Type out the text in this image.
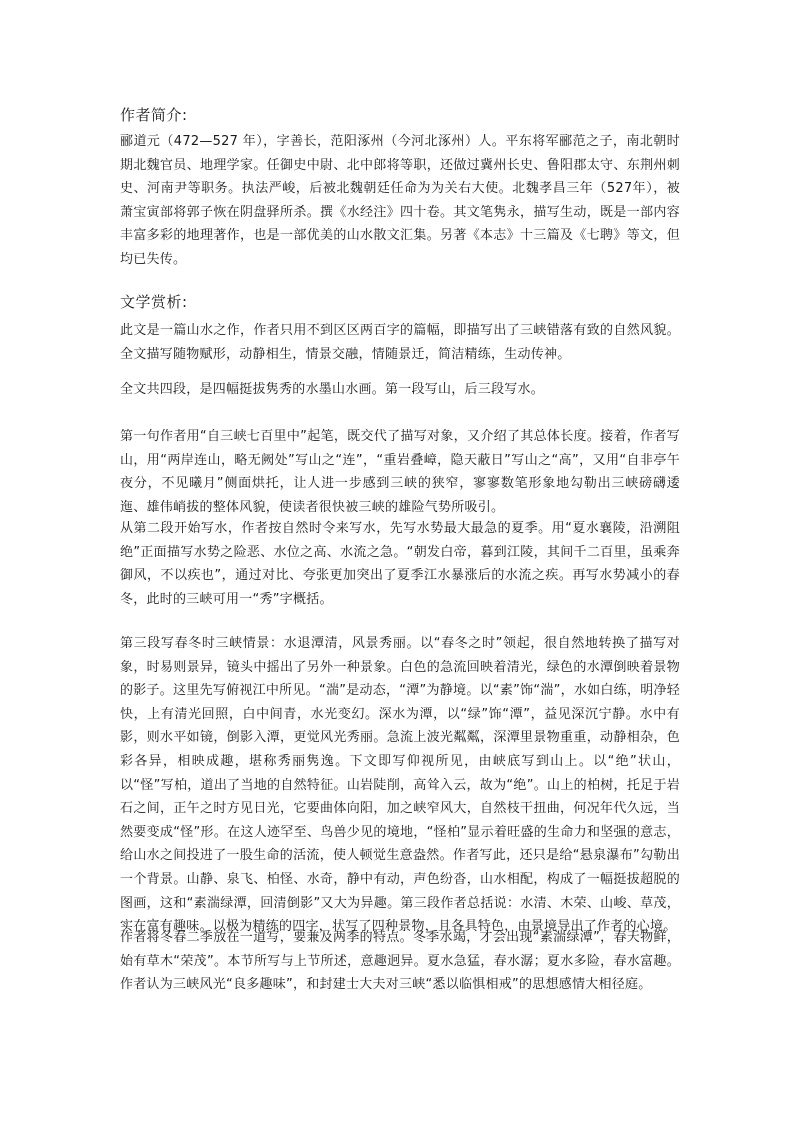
作者简介:

郦道元（472—527 年），字善长，范阳涿州（今河北涿州）人。平东将军郦范之子，南北朝时期北魏官员、地理学家。任御史中尉、北中郎将等职，还做过冀州长史、鲁阳郡太守、东荆州刺史、河南尹等职务。执法严峻，后被北魏朝廷任命为为关右大使。北魏孝昌三年（527年），被萧宝寅部将郭子恢在阴盘驿所杀。撰《水经注》四十卷。其文笔隽永，描写生动，既是一部内容丰富多彩的地理著作，也是一部优美的山水散文汇集。另著《本志》十三篇及《七聘》等文，但均已失传。

文学赏析:

此文是一篇山水之作，作者只用不到区区两百字的篇幅，即描写出了三峡错落有致的自然风貌。全文描写随物赋形，动静相生，情景交融，情随景迁，简洁精练，生动传神。

全文共四段，是四幅挺拔隽秀的水墨山水画。第一段写山，后三段写水。

第一句作者用“自三峡七百里中”起笔，既交代了描写对象，又介绍了其总体长度。接着，作者写山，用“两岸连山，略无阙处”写山之“连”，“重岩叠嶂，隐天蔽日”写山之“高”，又用“自非亭午夜分，不见曦月”侧面烘托，让人进一步感到三峡的狭窄，寥寥数笔形象地勾勒出三峡磅礴逶迤、雄伟峭拔的整体风貌，使读者很快被三峡的雄险气势所吸引。

从第二段开始写水，作者按自然时令来写水，先写水势最大最急的夏季。用“夏水襄陵，沿溯阻绝”正面描写水势之险恶、水位之高、水流之急。“朝发白帝，暮到江陵，其间千二百里，虽乘奔御风，不以疾也”，通过对比、夸张更加突出了夏季江水暴涨后的水流之疾。再写水势减小的春冬，此时的三峡可用一“秀”字概括。

第三段写春冬时三峡情景：水退潭清，风景秀丽。以“春冬之时”领起，很自然地转换了描写对象，时易则景异，镜头中摇出了另外一种景象。白色的急流回映着清光，绿色的水潭倒映着景物的影子。这里先写俯视江中所见。“湍”是动态，“潭”为静境。以“素”饰“湍”，水如白练，明净轻快，上有清光回照，白中间青，水光变幻。深水为潭，以“绿”饰“潭”，益见深沉宁静。水中有影，则水平如镜，倒影入潭，更觉风光秀丽。急流上波光粼粼，深潭里景物重重，动静相杂，色彩各异，相映成趣，堪称秀丽隽逸。下文即写仰视所见，由峡底写到山上。以“绝”状山，以“怪”写柏，道出了当地的自然特征。山岩陡削，高耸入云，故为“绝”。山上的柏树，托足于岩石之间，正午之时方见日光，它要曲体向阳，加之峡窄风大，自然枝干扭曲，何况年代久远，当然要变成“怪”形。在这人迹罕至、鸟兽少见的境地，“怪柏”显示着旺盛的生命力和坚强的意志，给山水之间投进了一股生命的活流，使人顿觉生意盎然。作者写此，还只是给“悬泉瀑布”勾勒出一个背景。山静、泉飞、柏怪、水奇，静中有动，声色纷沓，山水相配，构成了一幅挺拔超脱的图画，这和“素湍绿潭，回清倒影”又大为异趣。第三段作者总括说：水清、木荣、山峻、草茂，实在富有趣味。以极为精练的四字，状写了四种景物，且各具特色，由景境导出了作者的心境。

作者将冬春二季放在一道写，要兼及两季的特点。冬季水竭，才会出现“素湍绿潭”，春天物鲜，始有草木“荣茂”。本节所写与上节所述，意趣迥异。夏水急猛，春水潺；夏水多险，春水富趣。作者认为三峡风光“良多趣味”，和封建士大夫对三峡“悉以临惧相戒”的思想感情大相径庭。
